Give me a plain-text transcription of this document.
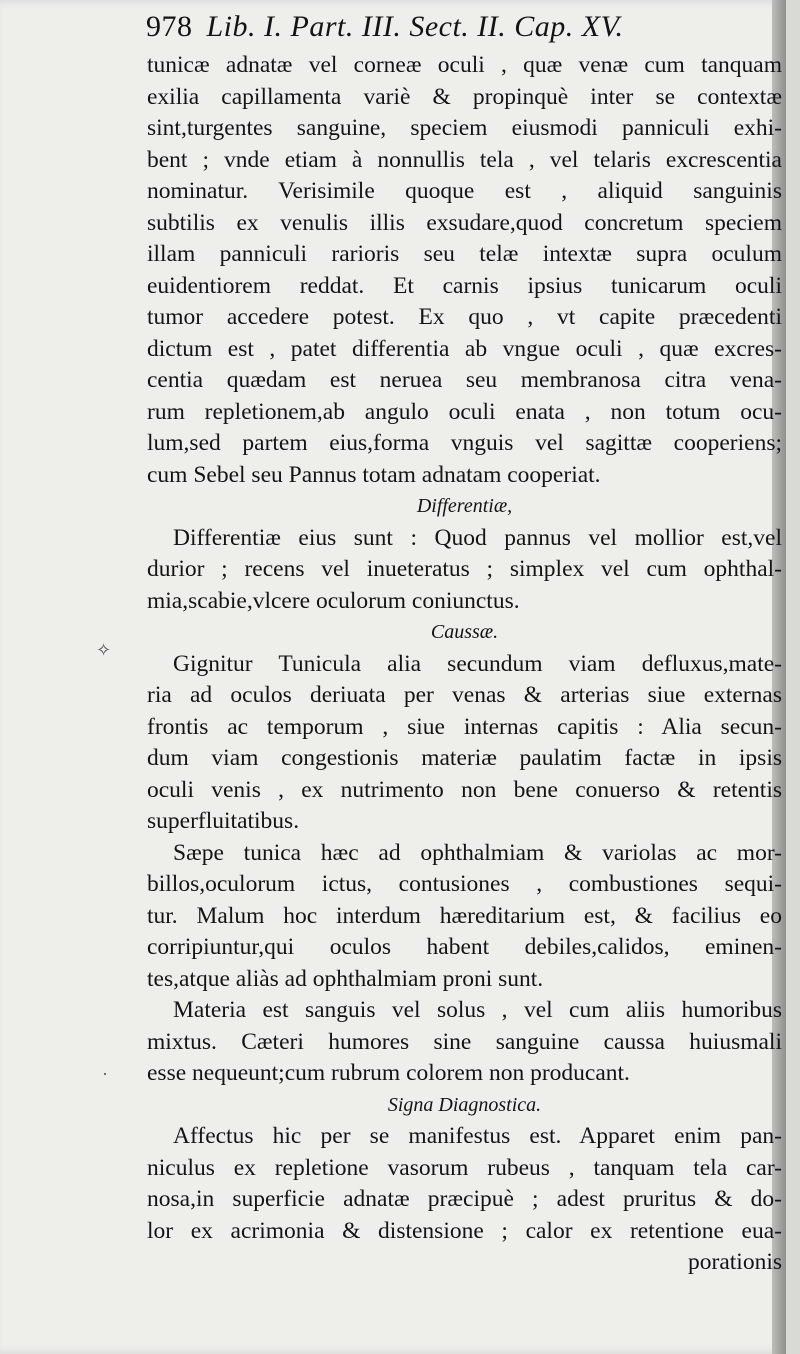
978 Lib. I. Part. III. Sect. II. Cap. XV.
✧
·
tunicæ adnatæ vel corneæ oculi , quæ venæ cum tanquam
exilia capillamenta variè & propinquè inter se contextæ
sint,turgentes sanguine, speciem eiusmodi panniculi exhi-
bent ; vnde etiam à nonnullis tela , vel telaris excrescentia
nominatur. Verisimile quoque est , aliquid sanguinis
subtilis ex venulis illis exsudare,quod concretum speciem
illam panniculi rarioris seu telæ intextæ supra oculum
euidentiorem reddat. Et carnis ipsius tunicarum oculi
tumor accedere potest. Ex quo , vt capite præcedenti
dictum est , patet differentia ab vngue oculi , quæ excres-
centia quædam est neruea seu membranosa citra vena-
rum repletionem,ab angulo oculi enata , non totum ocu-
lum,sed partem eius,forma vnguis vel sagittæ cooperiens;
cum Sebel seu Pannus totam adnatam cooperiat.
Differentiæ,
Differentiæ eius sunt : Quod pannus vel mollior est,vel
durior ; recens vel inueteratus ; simplex vel cum ophthal-
mia,scabie,vlcere oculorum coniunctus.
Caussæ.
Gignitur Tunicula alia secundum viam defluxus,mate-
ria ad oculos deriuata per venas & arterias siue externas
frontis ac temporum , siue internas capitis : Alia secun-
dum viam congestionis materiæ paulatim factæ in ipsis
oculi venis , ex nutrimento non bene conuerso & retentis
superfluitatibus.
Sæpe tunica hæc ad ophthalmiam & variolas ac mor-
billos,oculorum ictus, contusiones , combustiones sequi-
tur. Malum hoc interdum hæreditarium est, & facilius eo
corripiuntur,qui oculos habent debiles,calidos, eminen-
tes,atque aliàs ad ophthalmiam proni sunt.
Materia est sanguis vel solus , vel cum aliis humoribus
mixtus. Cæteri humores sine sanguine caussa huiusmali
esse nequeunt;cum rubrum colorem non producant.
Signa Diagnostica.
Affectus hic per se manifestus est. Apparet enim pan-
niculus ex repletione vasorum rubeus , tanquam tela car-
nosa,in superficie adnatæ præcipuè ; adest pruritus & do-
lor ex acrimonia & distensione ; calor ex retentione eua-
porationis
